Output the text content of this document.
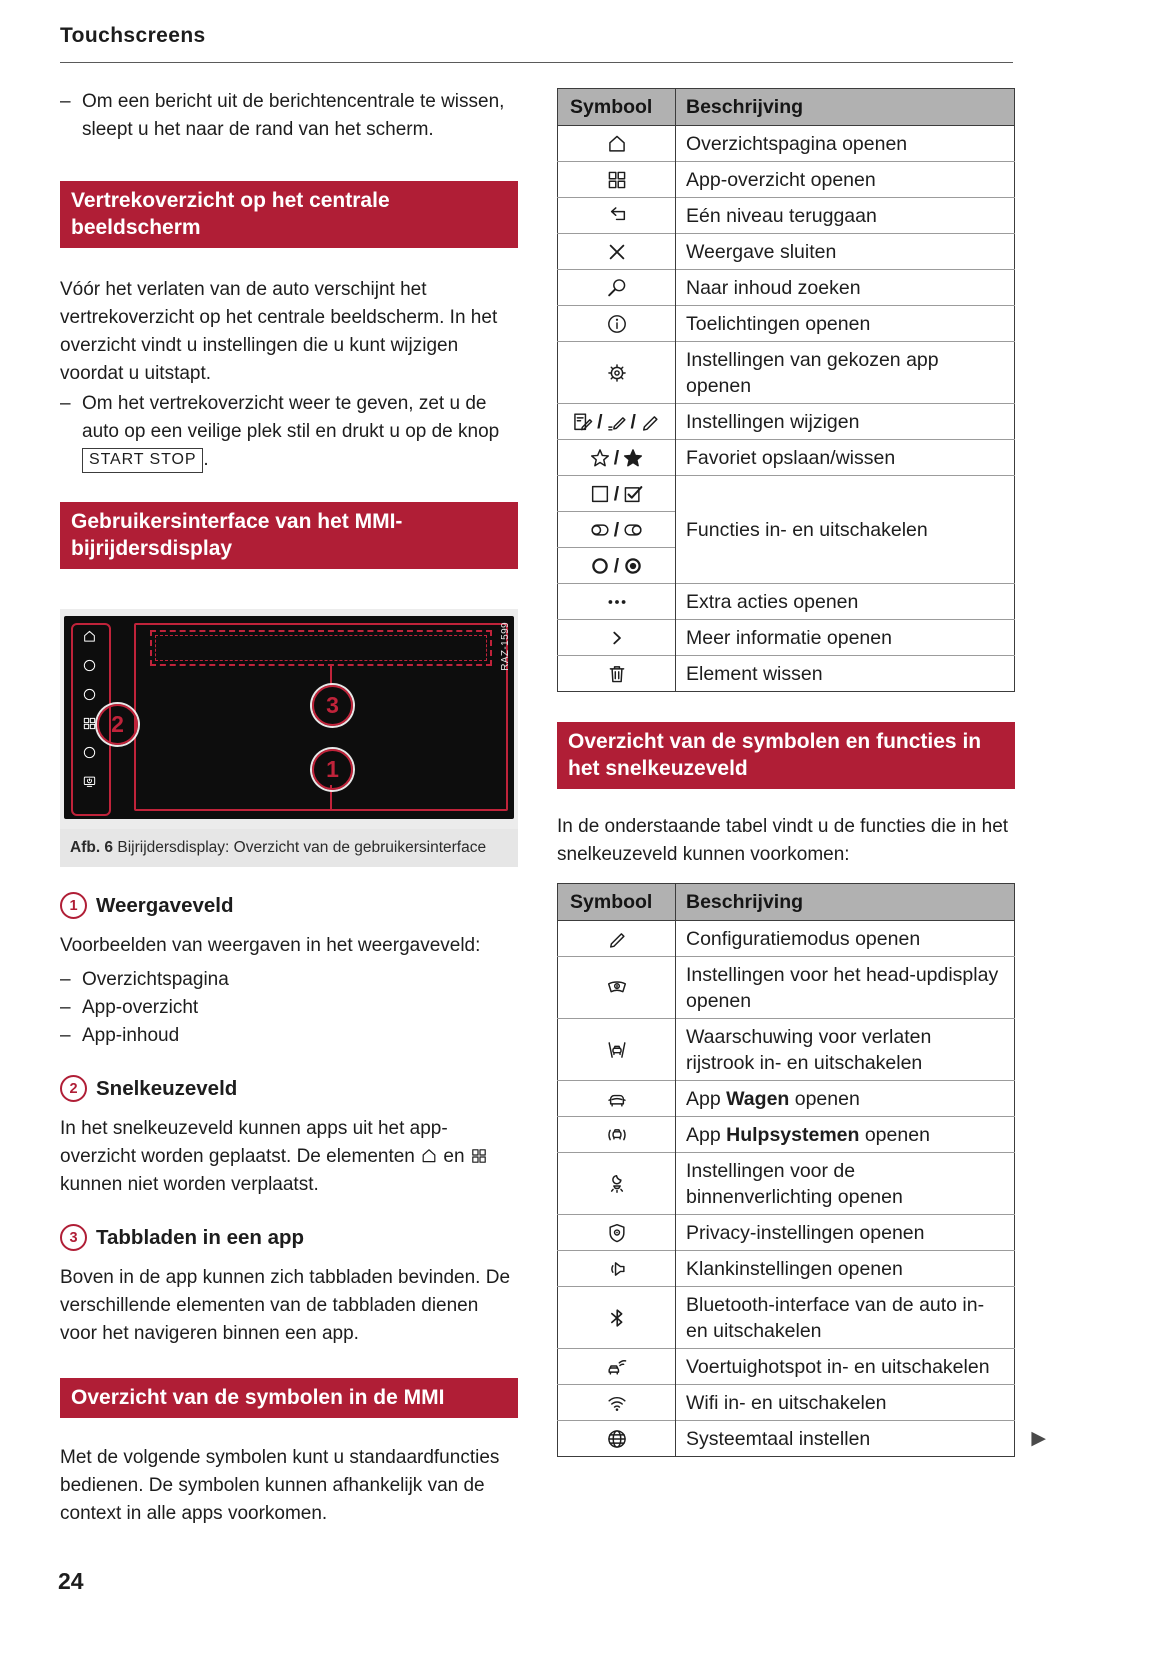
Touchscreens
– Om een bericht uit de berichtencentrale te wissen, sleept u het naar de rand van het scherm.
Vertrekoverzicht op het centrale beeldscherm

Vóór het verlaten van de auto verschijnt het vertrekoverzicht op het centrale beeldscherm. In het overzicht vindt u instellingen die u kunt wijzigen voordat u uitstapt.

– Om het vertrekoverzicht weer te geven, zet u de auto op een veilige plek stil en drukt u op de knop START STOP .
Gebruikersinterface van het MMI-bijrijdersdisplay
2
3
1
RAZ-1599
Afb. 6 Bijrijdersdisplay: Overzicht van de gebruikersinterface
1 Weergaveveld

Voorbeelden van weergaven in het weergaveveld:

– Overzichtspagina
– App-overzicht
– App-inhoud
2 Snelkeuzeveld

In het snelkeuzeveld kunnen apps uit het app-overzicht worden geplaatst. De elementen  en  kunnen niet worden verplaatst.

3 Tabbladen in een app

Boven in de app kunnen zich tabbladen bevinden. De verschillende elementen van de tabbladen dienen voor het navigeren binnen een app.

Overzicht van de symbolen in de MMI

Met de volgende symbolen kunt u standaardfuncties bedienen. De symbolen kunnen afhankelijk van de context in alle apps voorkomen.

Symbool	Beschrijving
	Overzichtspagina openen
	App-overzicht openen
	Eén niveau teruggaan
	Weergave sluiten
	Naar inhoud zoeken
	Toelichtingen openen
	Instellingen van gekozen app openen
/ /	Instellingen wijzigen
/	Favoriet opslaan/wissen
/	Functies in- en uitschakelen
/	
/	
	Extra acties openen
	Meer informatie openen
	Element wissen
Overzicht van de symbolen en functies in het snelkeuzeveld

In de onderstaande tabel vindt u de functies die in het snelkeuzeveld kunnen voorkomen:

Symbool	Beschrijving
	Configuratiemodus openen
	Instellingen voor het head-updisplay openen
	Waarschuwing voor verlaten rijstrook in- en uitschakelen
	App Wagen openen
	App Hulpsystemen openen
	Instellingen voor de binnenverlichting openen
	Privacy-instellingen openen
	Klankinstellingen openen
	Bluetooth-interface van de auto in- en uitschakelen
	Voertuighotspot in- en uitschakelen
	Wifi in- en uitschakelen
	Systeemtaal instellen ▶
24
